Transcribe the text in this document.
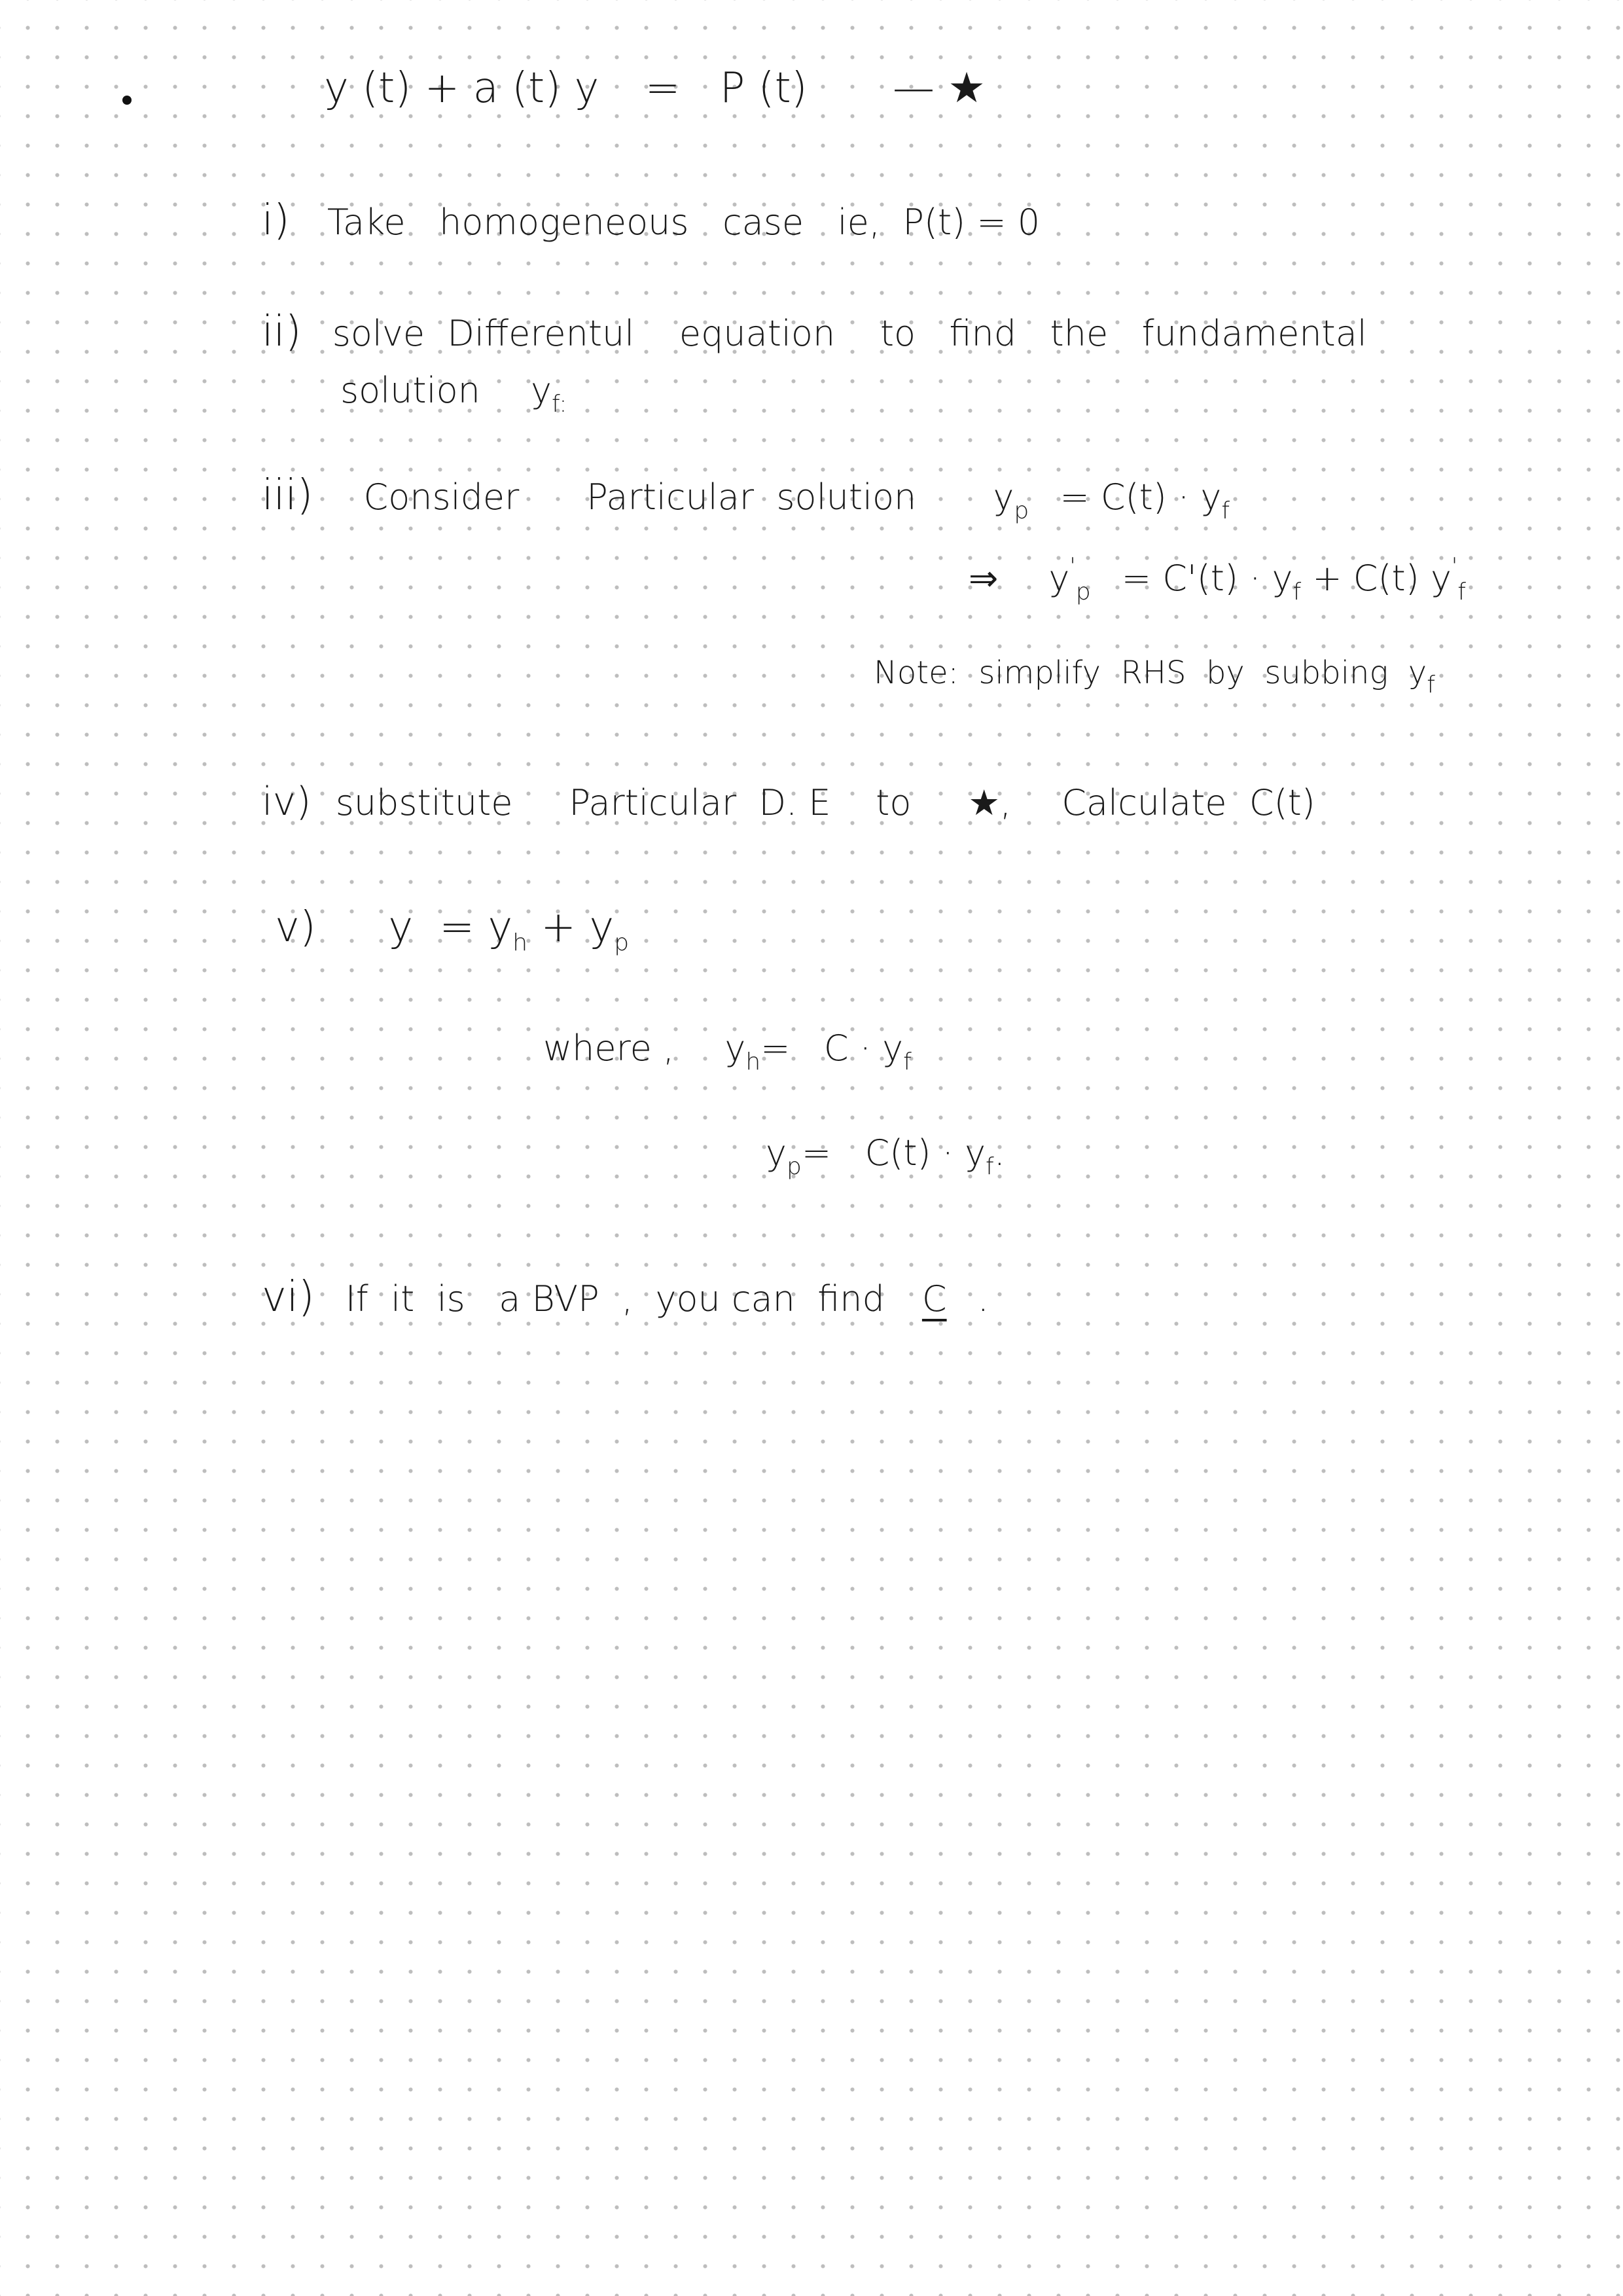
y (t) + a (t) y = P (t) — ★
i) Take   homogeneous   case   ie,  P(t) = 0
ii) solve  Differentul    equation    to   find   the   fundamental
solution $y_{f:}$
iii) Consider      Particular  solution $y_p = C(t) \cdot y_f$
⇒ $y'_p = C'(t) \cdot y_f + C(t)$ $y'_f$
Note:  simplify  RHS  by  subbing  $y_f$
iv) substitute     Particular  D. E    to ★, Calculate  C(t)
v) $y = y_h + y_p$
where , $y_h= C \cdot y_f$
$y_p= C(t) \cdot y_f$.
vi) If  it  is   a BVP  ,  you can  find C .
